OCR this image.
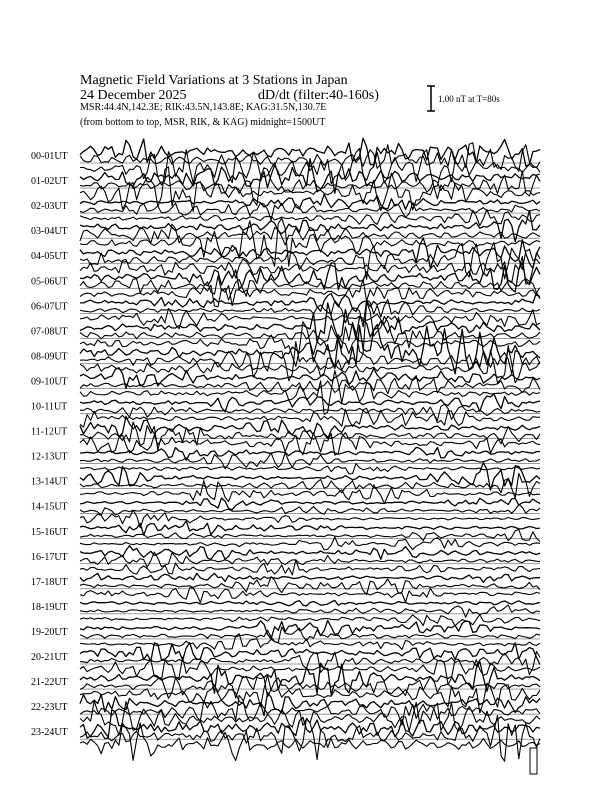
Magnetic Field Variations at 3 Stations in Japan
24 December 2025	dD/dt (filter:40-160s)
MSR:44.4N,142.3E; RIK:43.5N,143.8E; KAG:31.5N,130.7E
(from bottom to top, MSR, RIK, & KAG) midnight=1500UT
1.00 nT at T=80s
00-01UT
01-02UT
02-03UT
03-04UT
04-05UT
05-06UT
06-07UT
07-08UT
08-09UT
09-10UT
10-11UT
11-12UT
12-13UT
13-14UT
14-15UT
15-16UT
16-17UT
17-18UT
18-19UT
19-20UT
20-21UT
21-22UT
22-23UT
23-24UT
